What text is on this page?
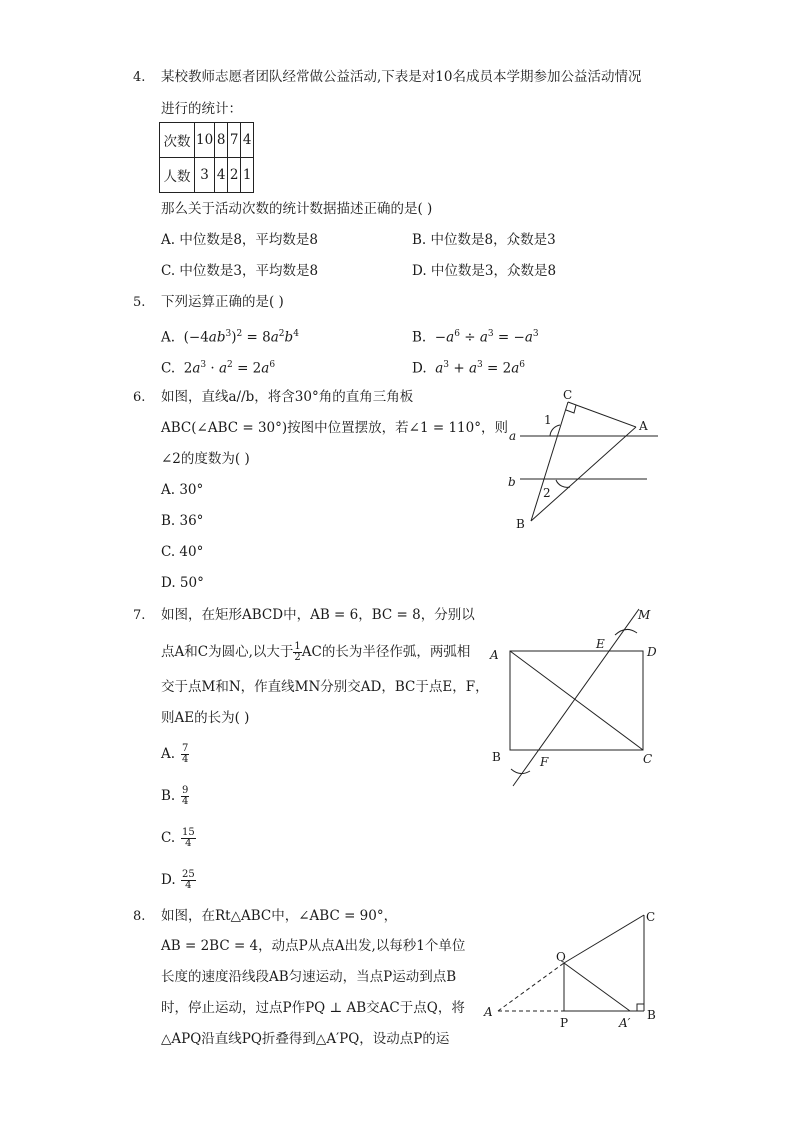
4. 某校教师志愿者团队经常做公益活动,下表是对10名成员本学期参加公益活动情况
进行的统计：
次数	10	8	7	4
人数	3	4	2	1
那么关于活动次数的统计数据描述正确的是( )
A. 中位数是8，平均数是8	B. 中位数是8，众数是3
C. 中位数是3，平均数是8	D. 中位数是3，众数是8
5. 下列运算正确的是( )
A.  $(-4ab^3)^2 = 8a^2b^4$	B.  $-a^6 \div a^3 = -a^3$
C.  $2a^3 \cdot a^2 = 2a^6$	D. $a^3 + a^3 = 2a^6$
6. 如图，直线a//b，将含30°角的直角三角板
ABC(∠ABC = 30°)按图中位置摆放，若∠1 = 110°，则
∠2的度数为( )
A. 30°
B. 36°
C. 40°
D. 50°
C
A
B
a
b
1
2
7. 如图，在矩形ABCD中，AB = 6，BC = 8，分别以
点A和C为圆心,以大于 $\frac{1}{2}$ AC的长为半径作弧，两弧相
交于点M和N，作直线MN分别交AD，BC于点E，F，
则AE的长为( )
A. $\frac{7}{4}$
B. $\frac{9}{4}$
C. $\frac{15}{4}$
D. $\frac{25}{4}$
M
E
A	D
B	F	C
8. 如图，在Rt△ABC中，∠ABC = 90°，
AB = 2BC = 4，动点P从点A出发,以每秒1个单位
长度的速度沿线段AB匀速运动，当点P运动到点B
时，停止运动，过点P作PQ ⊥ AB交AC于点Q，将
△APQ沿直线PQ折叠得到△A′PQ，设动点P的运
C
Q
A
P	A′
B
